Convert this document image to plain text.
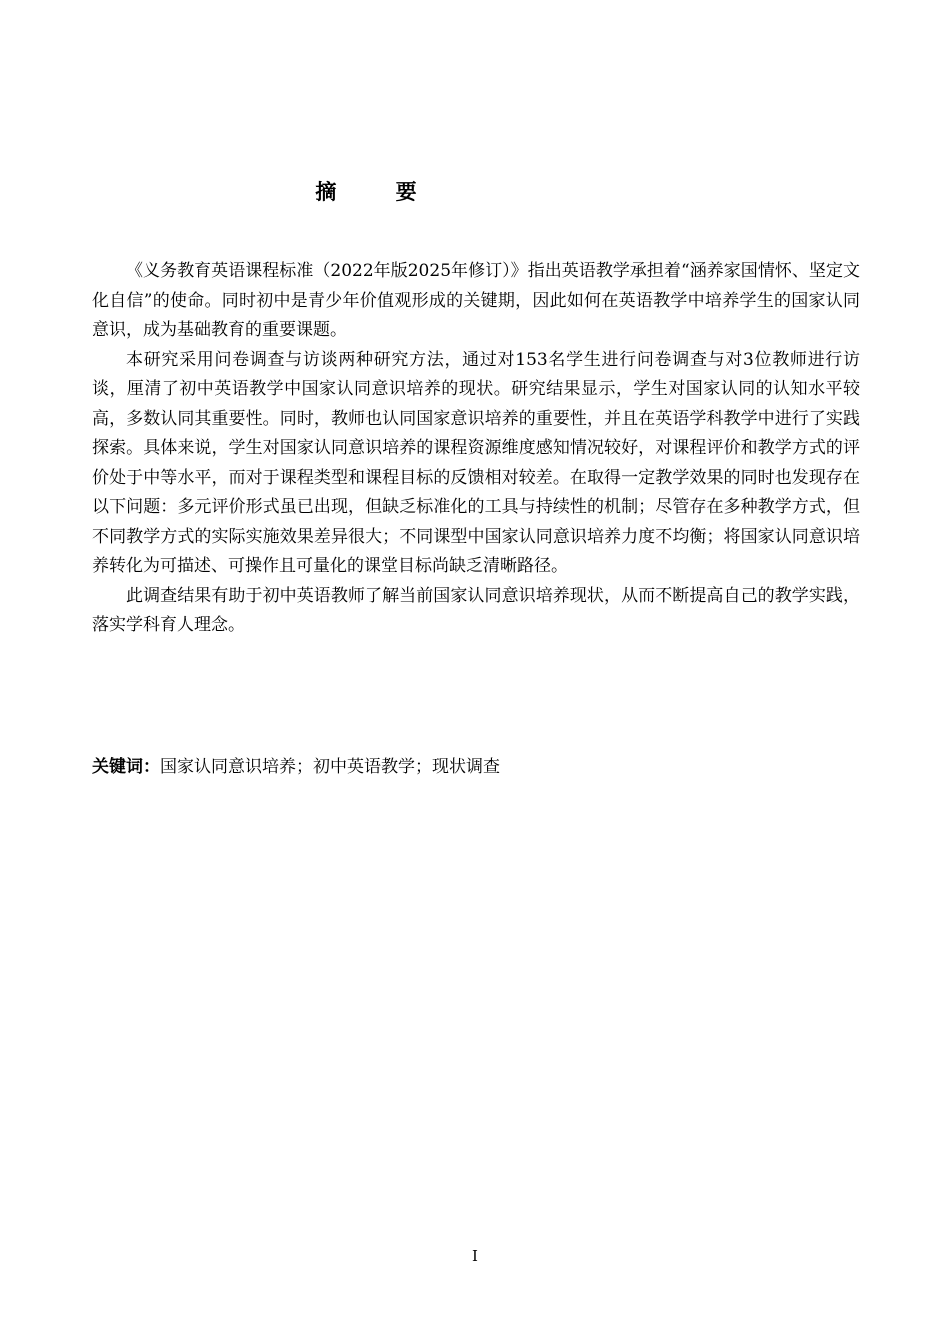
摘 要

《义务教育英语课程标准（2022年版2025年修订）》指出英语教学承担着“涵养家国情怀、坚定文化自信”的使命。同时初中是青少年价值观形成的关键期，因此如何在英语教学中培养学生的国家认同意识，成为基础教育的重要课题。

本研究采用问卷调查与访谈两种研究方法，通过对153名学生进行问卷调查与对3位教师进行访谈，厘清了初中英语教学中国家认同意识培养的现状。研究结果显示，学生对国家认同的认知水平较高，多数认同其重要性。同时，教师也认同国家意识培养的重要性，并且在英语学科教学中进行了实践探索。具体来说，学生对国家认同意识培养的课程资源维度感知情况较好，对课程评价和教学方式的评价处于中等水平，而对于课程类型和课程目标的反馈相对较差。在取得一定教学效果的同时也发现存在以下问题：多元评价形式虽已出现，但缺乏标准化的工具与持续性的机制；尽管存在多种教学方式，但不同教学方式的实际实施效果差异很大；不同课型中国家认同意识培养力度不均衡；将国家认同意识培养转化为可描述、可操作且可量化的课堂目标尚缺乏清晰路径。

此调查结果有助于初中英语教师了解当前国家认同意识培养现状，从而不断提高自己的教学实践，落实学科育人理念。

关键词：国家认同意识培养；初中英语教学；现状调查
I
